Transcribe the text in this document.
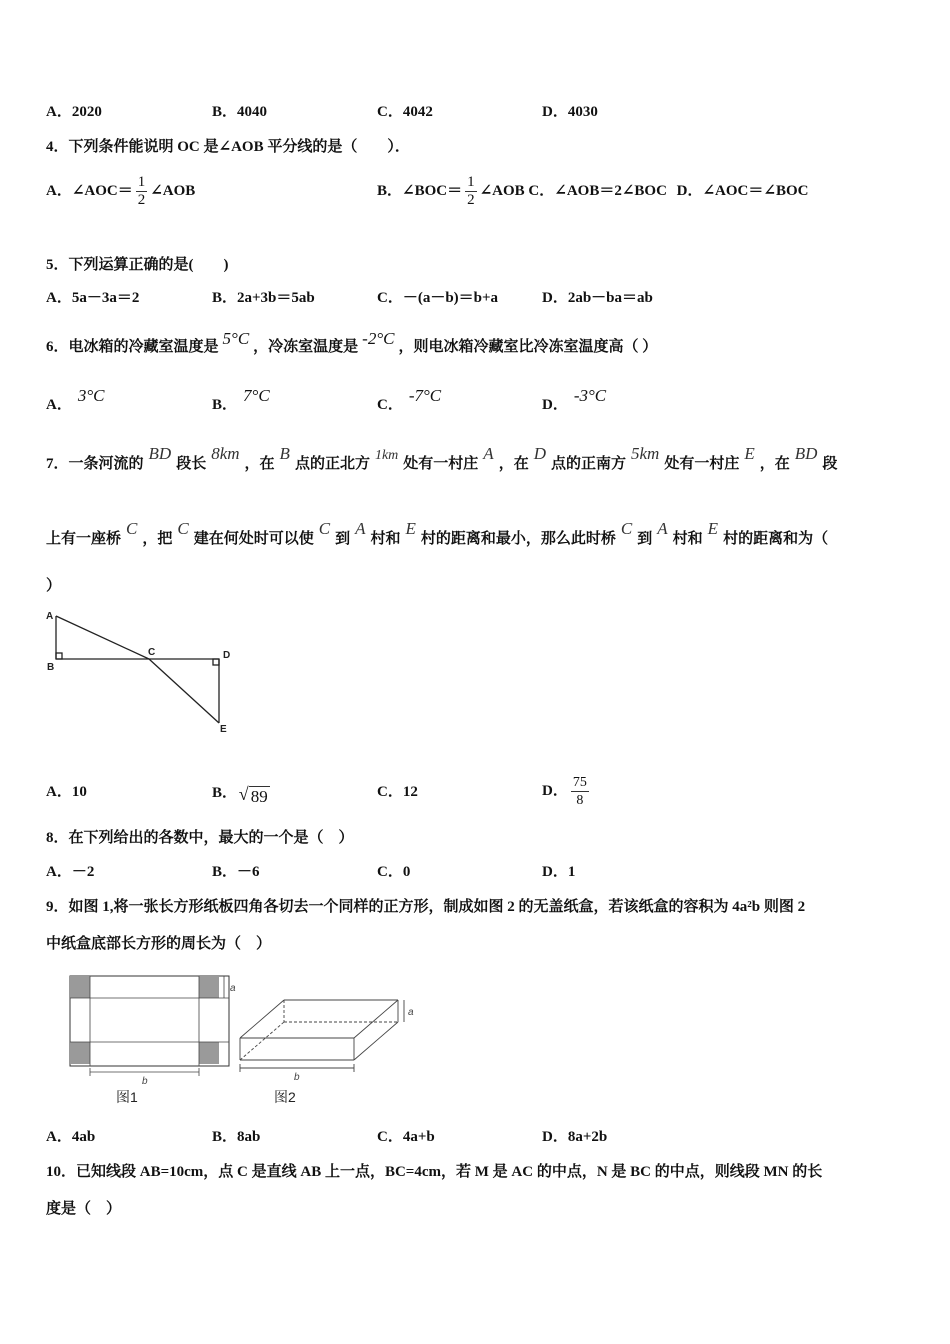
A．2020	B．4040	C．4042	D．4030
4．下列条件能说明 OC 是∠AOB 平分线的是（　　）．
A．∠AOC＝ $\frac{1}{2}$ ∠AOB	B．∠BOC＝ $\frac{1}{2}$ ∠AOB C．∠AOB＝2∠BOC D．∠AOC＝∠BOC
5．下列运算正确的是(　　)
A．5a－3a＝2	B．2a+3b＝5ab	C．－(a－b)＝b+a	D．2ab－ba＝ab
6．电冰箱的冷藏室温度是 5°C ，冷冻室温度是 -2°C ，则电冰箱冷藏室比冷冻室温度高（ ）
A． 3°C	B． 7°C	C． -7°C	D． -3°C
7．一条河流的BD段长8km，在B点的正北方1km处有一村庄A，在D点的正南方5km处有一村庄E，在BD段
上有一座桥C，把C建在何处时可以使C到A村和E村的距离和最小，那么此时桥C到A村和E村的距离和为（
）
A
B
C	D
E
A．10	B． √ 89	C．12	D． $\frac{75}{8}$
8．在下列给出的各数中，最大的一个是（　）
A．－2	B．－6	C．0	D．1
9．如图 1,将一张长方形纸板四角各切去一个同样的正方形，制成如图 2 的无盖纸盒，若该纸盒的容积为 4a²b 则图 2
中纸盒底部长方形的周长为（　）
a
b
图1
a
b
图2
A．4ab	B．8ab	C．4a+b	D．8a+2b
10．已知线段 AB=10cm，点 C 是直线 AB 上一点，BC=4cm，若 M 是 AC 的中点，N 是 BC 的中点，则线段 MN 的长
度是（　）
